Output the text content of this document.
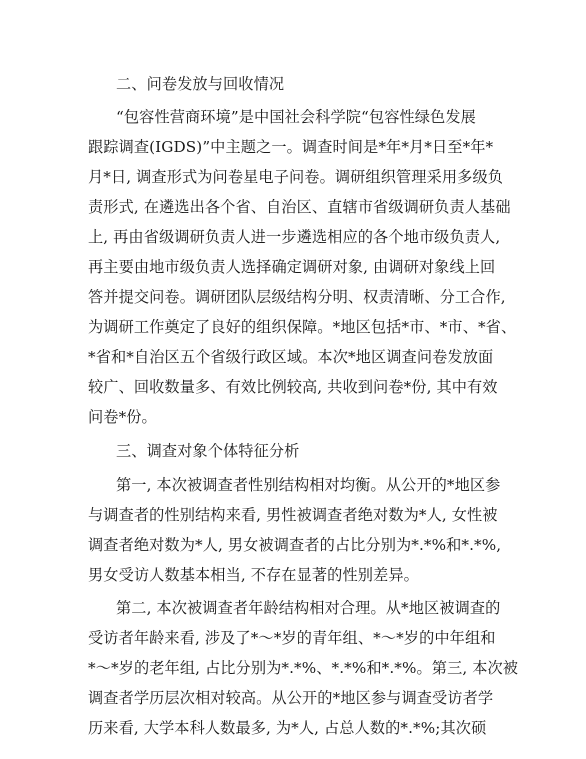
二、问卷发放与回收情况
“包容性营商环境”是中国社会科学院“包容性绿色发展
跟踪调查(IGDS)”中主题之一。调查时间是*年*月*日至*年*
月*日, 调查形式为问卷星电子问卷。调研组织管理采用多级负
责形式, 在遴选出各个省、自治区、直辖市省级调研负责人基础
上, 再由省级调研负责人进一步遴选相应的各个地市级负责人,
再主要由地市级负责人选择确定调研对象, 由调研对象线上回
答并提交问卷。调研团队层级结构分明、权责清晰、分工合作,
为调研工作奠定了良好的组织保障。*地区包括*市、*市、*省、
*省和*自治区五个省级行政区域。本次*地区调查问卷发放面
较广、回收数量多、有效比例较高, 共收到问卷*份, 其中有效
问卷*份。
三、调查对象个体特征分析
第一, 本次被调查者性别结构相对均衡。从公开的*地区参
与调查者的性别结构来看, 男性被调查者绝对数为*人, 女性被
调查者绝对数为*人, 男女被调查者的占比分别为*.*%和*.*%,
男女受访人数基本相当, 不存在显著的性别差异。
第二, 本次被调查者年龄结构相对合理。从*地区被调查的
受访者年龄来看, 涉及了*～*岁的青年组、*～*岁的中年组和
*～*岁的老年组, 占比分别为*.*%、*.*%和*.*%。第三, 本次被
调查者学历层次相对较高。从公开的*地区参与调查受访者学
历来看, 大学本科人数最多, 为*人, 占总人数的*.*%;其次硕
